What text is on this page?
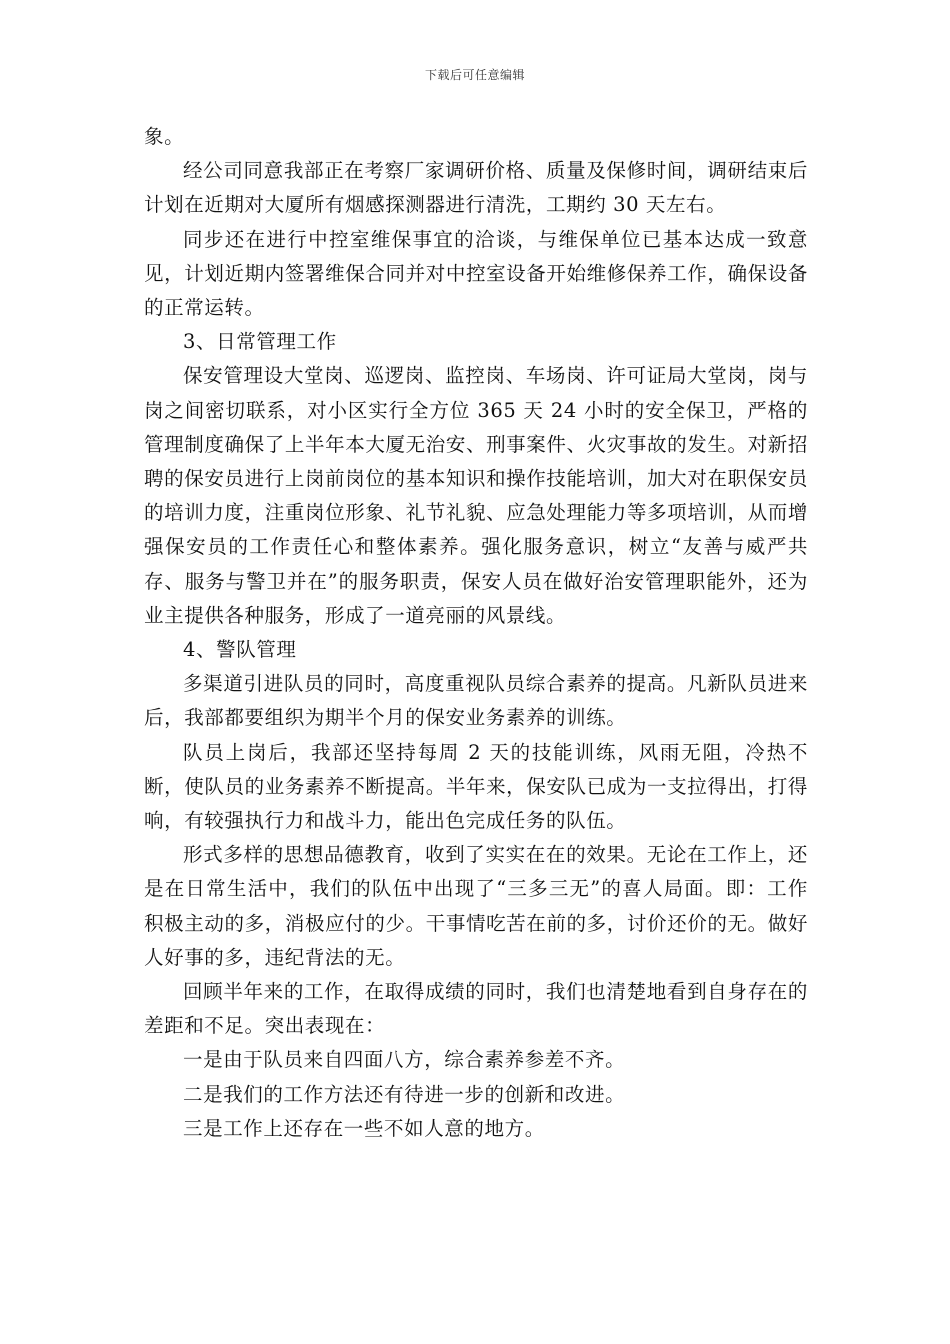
下载后可任意编辑

象。

经公司同意我部正在考察厂家调研价格、质量及保修时间，调研结束后计划在近期对大厦所有烟感探测器进行清洗，工期约 30 天左右。

同步还在进行中控室维保事宜的洽谈，与维保单位已基本达成一致意见，计划近期内签署维保合同并对中控室设备开始维修保养工作，确保设备的正常运转。

3、日常管理工作

保安管理设大堂岗、巡逻岗、监控岗、车场岗、许可证局大堂岗，岗与岗之间密切联系，对小区实行全方位 365 天 24 小时的安全保卫，严格的管理制度确保了上半年本大厦无治安、刑事案件、火灾事故的发生。对新招聘的保安员进行上岗前岗位的基本知识和操作技能培训，加大对在职保安员的培训力度，注重岗位形象、礼节礼貌、应急处理能力等多项培训，从而增强保安员的工作责任心和整体素养。强化服务意识，树立“友善与威严共存、服务与警卫并在”的服务职责，保安人员在做好治安管理职能外，还为业主提供各种服务，形成了一道亮丽的风景线。

4、警队管理

多渠道引进队员的同时，高度重视队员综合素养的提高。凡新队员进来后，我部都要组织为期半个月的保安业务素养的训练。

队员上岗后，我部还坚持每周 2 天的技能训练，风雨无阻，冷热不断，使队员的业务素养不断提高。半年来，保安队已成为一支拉得出，打得响，有较强执行力和战斗力，能出色完成任务的队伍。

形式多样的思想品德教育，收到了实实在在的效果。无论在工作上，还是在日常生活中，我们的队伍中出现了“三多三无”的喜人局面。即：工作积极主动的多，消极应付的少。干事情吃苦在前的多，讨价还价的无。做好人好事的多，违纪背法的无。

回顾半年来的工作，在取得成绩的同时，我们也清楚地看到自身存在的差距和不足。突出表现在：

一是由于队员来自四面八方，综合素养参差不齐。

二是我们的工作方法还有待进一步的创新和改进。

三是工作上还存在一些不如人意的地方。
